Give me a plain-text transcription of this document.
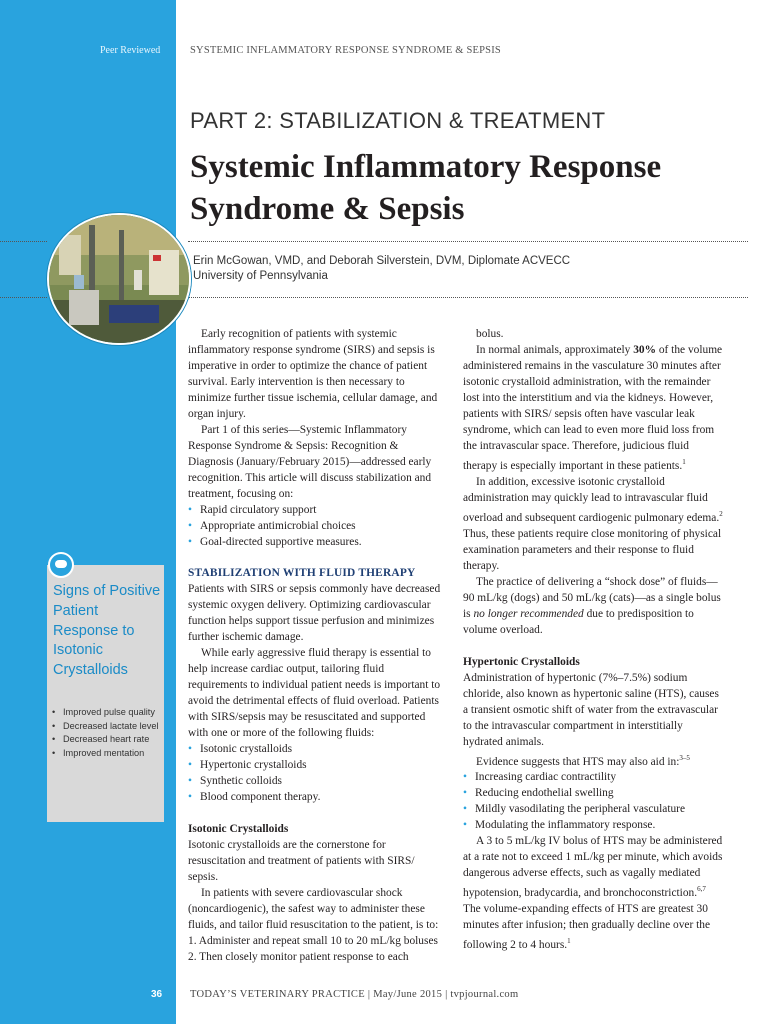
Peer Reviewed
36
SYSTEMIC INFLAMMATORY RESPONSE SYNDROME & SEPSIS
PART 2: STABILIZATION & TREATMENT
Systemic Inflammatory Response
Syndrome & Sepsis
Erin McGowan, VMD, and Deborah Silverstein, DVM, Diplomate ACVECC
University of Pennsylvania

Early recognition of patients with systemic inflammatory response syndrome (SIRS) and sepsis is imperative in order to optimize the chance of patient survival. Early intervention is then necessary to minimize further tissue ischemia, cellular damage, and organ injury.

Part 1 of this series—Systemic Inflammatory Response Syndrome & Sepsis: Recognition & Diagnosis (January/February 2015)—addressed early recognition. This article will discuss stabilization and treatment, focusing on:

• Rapid circulatory support
• Appropriate antimicrobial choices
• Goal-directed supportive measures.

STABILIZATION WITH FLUID THERAPY

Patients with SIRS or sepsis commonly have decreased systemic oxygen delivery. Optimizing cardiovascular function helps support tissue perfusion and minimizes further ischemic damage.

While early aggressive fluid therapy is essential to help increase cardiac output, tailoring fluid requirements to individual patient needs is important to avoid the detrimental effects of fluid overload. Patients with SIRS/sepsis may be resuscitated and supported with one or more of the following fluids:

• Isotonic crystalloids
• Hypertonic crystalloids
• Synthetic colloids
• Blood component therapy.

Isotonic Crystalloids

Isotonic crystalloids are the cornerstone for resuscitation and treatment of patients with SIRS/ sepsis.

In patients with severe cardiovascular shock (noncardiogenic), the safest way to administer these fluids, and tailor fluid resuscitation to the patient, is to:

1. Administer and repeat small 10 to 20 mL/kg boluses

2. Then closely monitor patient response to each

bolus.

In normal animals, approximately 30% of the volume administered remains in the vasculature 30 minutes after isotonic crystalloid administration, with the remainder lost into the interstitium and via the kidneys. However, patients with SIRS/ sepsis often have vascular leak syndrome, which can lead to even more fluid loss from the intravascular space. Therefore, judicious fluid therapy is especially important in these patients.$^1$

In addition, excessive isotonic crystalloid administration may quickly lead to intravascular fluid overload and subsequent cardiogenic pulmonary edema.$^2$ Thus, these patients require close monitoring of physical examination parameters and their response to fluid therapy.

The practice of delivering a “shock dose” of fluids—90 mL/kg (dogs) and 50 mL/kg (cats)—as a single bolus is no longer recommended due to predisposition to volume overload.

Hypertonic Crystalloids

Administration of hypertonic (7%–7.5%) sodium chloride, also known as hypertonic saline (HTS), causes a transient osmotic shift of water from the extravascular to the intravascular compartment in interstitially hydrated animals.

Evidence suggests that HTS may also aid in:$^{3-5}$

• Increasing cardiac contractility
• Reducing endothelial swelling
• Mildly vasodilating the peripheral vasculature
• Modulating the inflammatory response.

A 3 to 5 mL/kg IV bolus of HTS may be administered at a rate not to exceed 1 mL/kg per minute, which avoids dangerous adverse effects, such as vagally mediated hypotension, bradycardia, and bronchoconstriction.$^{6,7}$ The volume-expanding effects of HTS are greatest 30 minutes after infusion; then gradually decline over the following 2 to 4 hours.$^1$

Signs of Positive Patient Response to Isotonic Crystalloids
• Improved pulse quality
• Decreased lactate level
• Decreased heart rate
• Improved mentation
TODAY’S VETERINARY PRACTICE | May/June 2015 | tvpjournal.com
